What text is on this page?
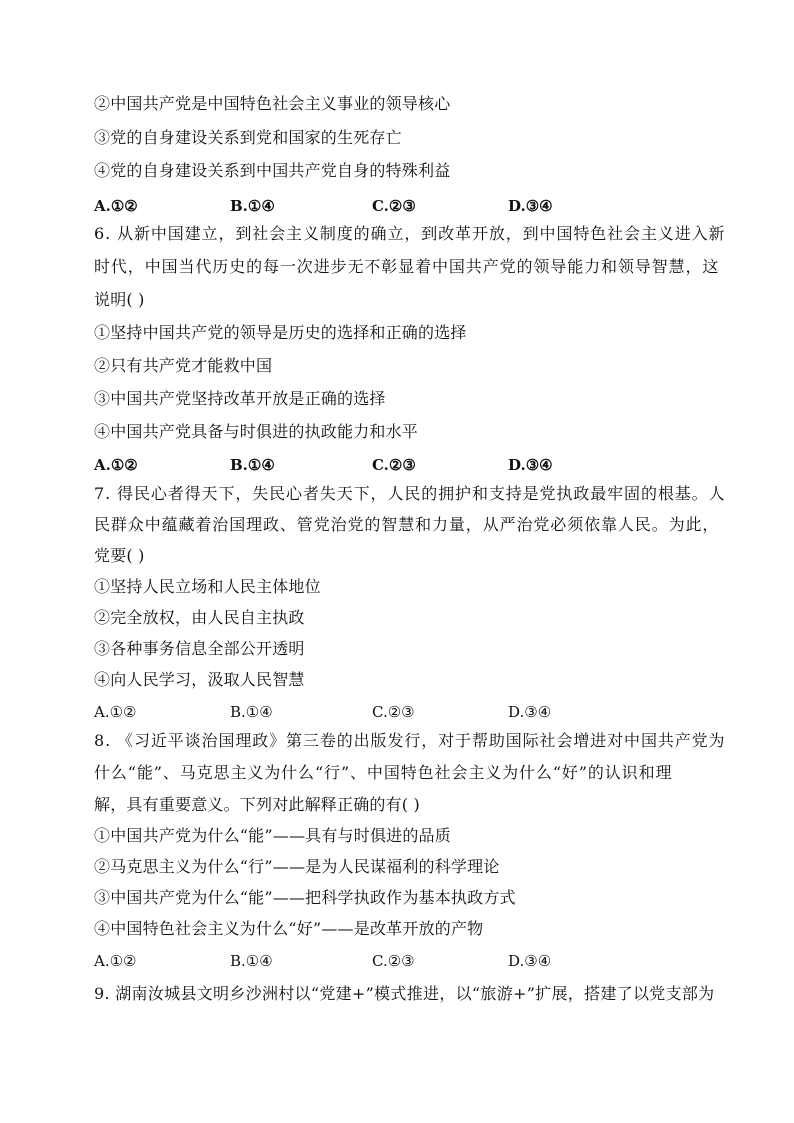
②中国共产党是中国特色社会主义事业的领导核心
③党的自身建设关系到党和国家的生死存亡
④党的自身建设关系到中国共产党自身的特殊利益
A.①②	B.①④	C.②③	D.③④
6. 从新中国建立，到社会主义制度的确立，到改革开放，到中国特色社会主义进入新
时代，中国当代历史的每一次进步无不彰显着中国共产党的领导能力和领导智慧，这
说明( )
①坚持中国共产党的领导是历史的选择和正确的选择
②只有共产党才能救中国
③中国共产党坚持改革开放是正确的选择
④中国共产党具备与时俱进的执政能力和水平
A.①②	B.①④	C.②③	D.③④
7. 得民心者得天下，失民心者失天下，人民的拥护和支持是党执政最牢固的根基。人
民群众中蕴藏着治国理政、管党治党的智慧和力量，从严治党必须依靠人民。为此，
党要( )
①坚持人民立场和人民主体地位
②完全放权，由人民自主执政
③各种事务信息全部公开透明
④向人民学习，汲取人民智慧
A.①②	B.①④	C.②③	D.③④
8. 《习近平谈治国理政》第三卷的出版发行，对于帮助国际社会增进对中国共产党为
什么“能”、马克思主义为什么“行”、中国特色社会主义为什么“好”的认识和理
解，具有重要意义。下列对此解释正确的有( )
①中国共产党为什么“能”——具有与时俱进的品质
②马克思主义为什么“行”——是为人民谋福利的科学理论
③中国共产党为什么“能”——把科学执政作为基本执政方式
④中国特色社会主义为什么“好”——是改革开放的产物
A.①②	B.①④	C.②③	D.③④
9. 湖南汝城县文明乡沙洲村以“党建+”模式推进，以“旅游+”扩展，搭建了以党支部为
